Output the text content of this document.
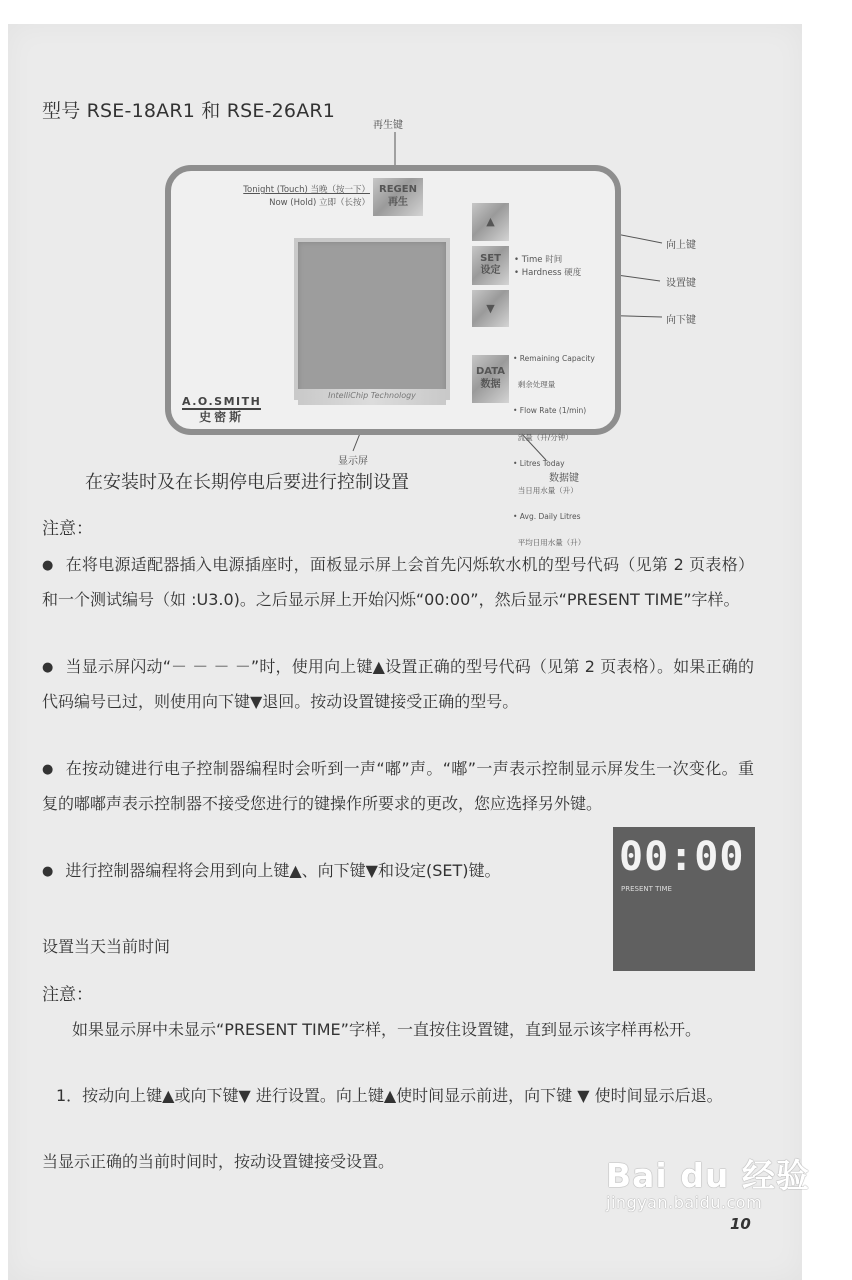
型号 RSE-18AR1 和 RSE-26AR1
再生键
Tonight (Touch) 当晚（按一下）
Now (Hold) 立即（长按）
REGEN
再生
IntelliChip Technology
▲
SET
设定
▼
DATA
数据
• Time 时间
• Hardness 硬度

• Remaining Capacity

剩余处理量

• Flow Rate (1/min)

流量（升/分钟）

• Litres Today

当日用水量（升）

• Avg. Daily Litres

平均日用水量（升）

A.O.SMITH
史密斯
向上键
设置键
向下键
显示屏
数据键
在安装时及在长期停电后要进行控制设置
注意：
● 在将电源适配器插入电源插座时，面板显示屏上会首先闪烁软水机的型号代码（见第 2 页表格）和一个测试编号（如 :U3.0)。之后显示屏上开始闪烁“00:00”，然后显示“PRESENT TIME”字样。
● 当显示屏闪动“－ － － －”时，使用向上键▲设置正确的型号代码（见第 2 页表格）。如果正确的代码编号已过，则使用向下键▼退回。按动设置键接受正确的型号。
● 在按动键进行电子控制器编程时会听到一声“嘟”声。“嘟”一声表示控制显示屏发生一次变化。重复的嘟嘟声表示控制器不接受您进行的键操作所要求的更改，您应选择另外键。
● 进行控制器编程将会用到向上键▲、向下键▼和设定(SET)键。
设置当天当前时间
注意：
如果显示屏中未显示“PRESENT TIME”字样，一直按住设置键，直到显示该字样再松开。
1．按动向上键▲或向下键▼ 进行设置。向上键▲使时间显示前进，向下键 ▼ 使时间显示后退。
当显示正确的当前时间时，按动设置键接受设置。
00:00
PRESENT TIME
Bai du 经验
jingyan.baidu.com
10
